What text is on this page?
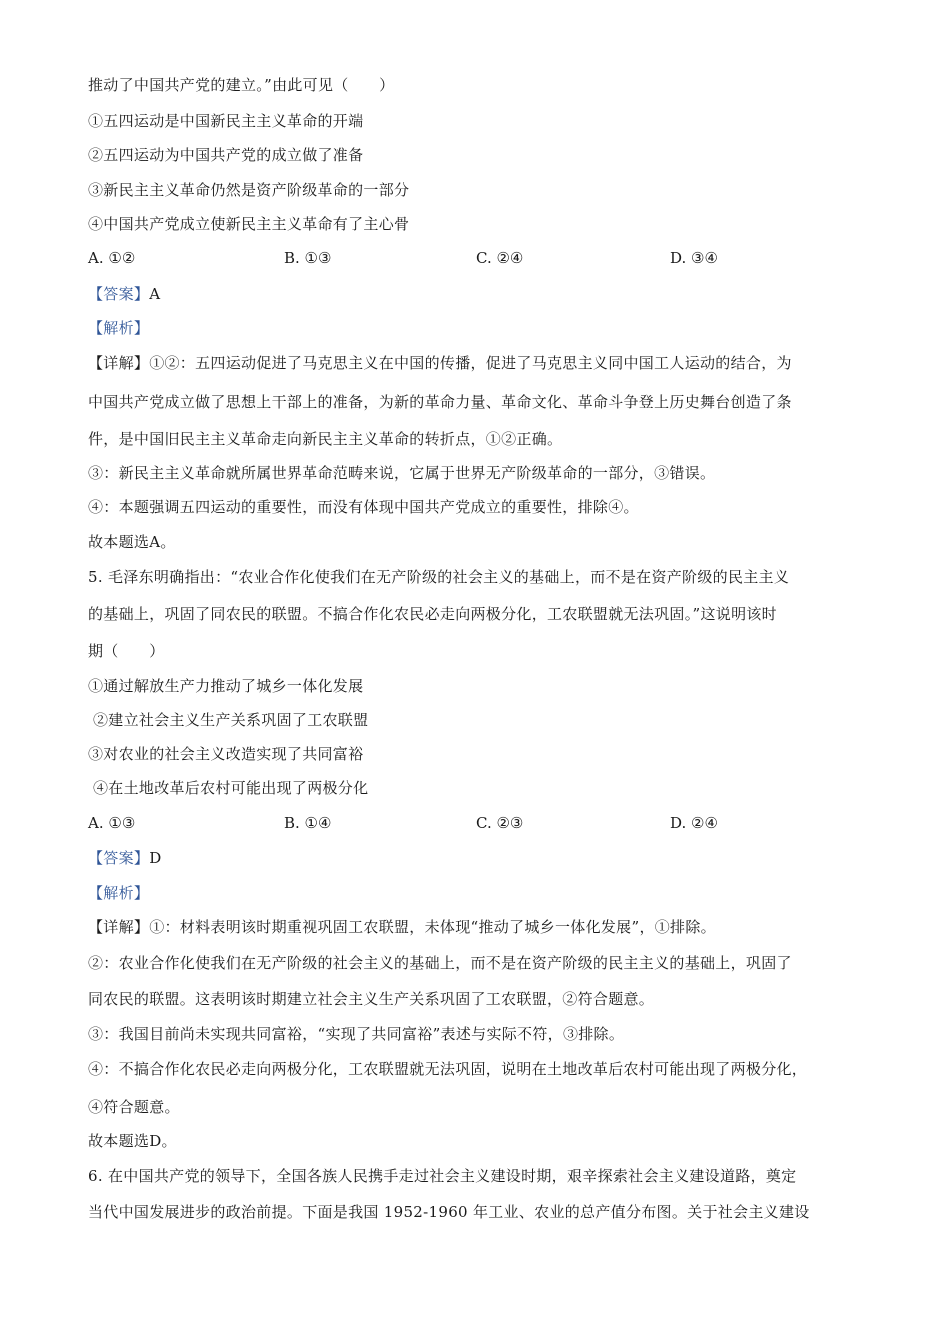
推动了中国共产党的建立。”由此可见（　　）
①五四运动是中国新民主主义革命的开端
②五四运动为中国共产党的成立做了准备
③新民主主义革命仍然是资产阶级革命的一部分
④中国共产党成立使新民主主义革命有了主心骨
A. ①②	B. ①③	C. ②④	D. ③④
【答案】A
【解析】
【详解】①②：五四运动促进了马克思主义在中国的传播，促进了马克思主义同中国工人运动的结合，为
中国共产党成立做了思想上干部上的准备，为新的革命力量、革命文化、革命斗争登上历史舞台创造了条
件，是中国旧民主主义革命走向新民主主义革命的转折点，①②正确。
③：新民主主义革命就所属世界革命范畴来说，它属于世界无产阶级革命的一部分，③错误。
④：本题强调五四运动的重要性，而没有体现中国共产党成立的重要性，排除④。
故本题选A。
5. 毛泽东明确指出：“农业合作化使我们在无产阶级的社会主义的基础上，而不是在资产阶级的民主主义
的基础上，巩固了同农民的联盟。不搞合作化农民必走向两极分化，工农联盟就无法巩固。”这说明该时
期（　　）
①通过解放生产力推动了城乡一体化发展
②建立社会主义生产关系巩固了工农联盟
③对农业的社会主义改造实现了共同富裕
④在土地改革后农村可能出现了两极分化
A. ①③	B. ①④	C. ②③	D. ②④
【答案】D
【解析】
【详解】①：材料表明该时期重视巩固工农联盟，未体现“推动了城乡一体化发展”，①排除。
②：农业合作化使我们在无产阶级的社会主义的基础上，而不是在资产阶级的民主主义的基础上，巩固了
同农民的联盟。这表明该时期建立社会主义生产关系巩固了工农联盟，②符合题意。
③：我国目前尚未实现共同富裕，“实现了共同富裕”表述与实际不符，③排除。
④：不搞合作化农民必走向两极分化，工农联盟就无法巩固，说明在土地改革后农村可能出现了两极分化，
④符合题意。
故本题选D。
6. 在中国共产党的领导下，全国各族人民携手走过社会主义建设时期，艰辛探索社会主义建设道路，奠定
当代中国发展进步的政治前提。下面是我国 1952-1960 年工业、农业的总产值分布图。关于社会主义建设
